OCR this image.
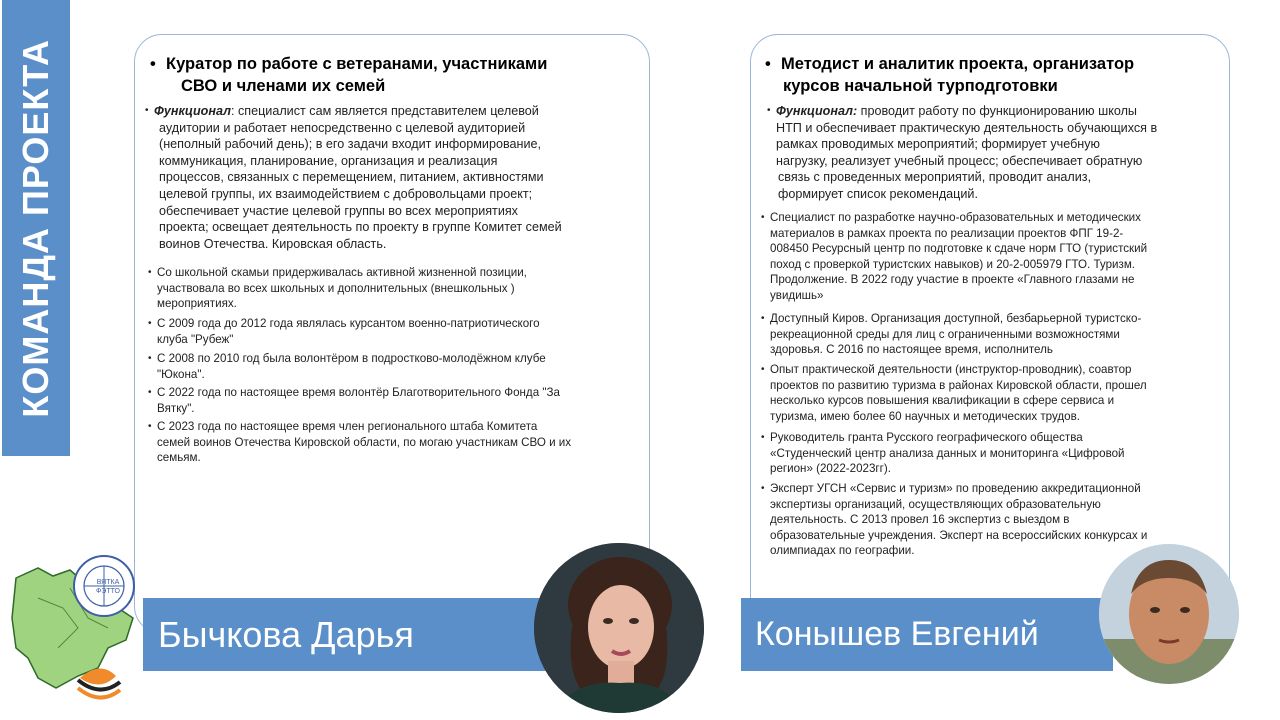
КОМАНДА ПРОЕКТА	• Куратор по работе с ветеранами, участниками
СВО и членами их семей
• Функционал: специалист сам является представителем целевой
аудитории и работает непосредственно с целевой аудиторией
(неполный рабочий день); в его задачи входит информирование,
коммуникация, планирование, организация и реализация
процессов, связанных с перемещением, питанием, активностями
целевой группы, их взаимодействием с добровольцами проект;
обеспечивает участие целевой группы во всех мероприятиях
проекта; освещает деятельность по проекту в группе Комитет семей
воинов Отечества. Кировская область.
• Со школьной скамьи придерживалась активной жизненной позиции,
участвовала во всех школьных и дополнительных (внешкольных )
мероприятиях.
• С 2009 года до 2012 года являлась курсантом военно-патриотического
клуба "Рубеж"
• С 2008 по 2010 год была волонтёром в подростково-молодёжном клубе
"Юкона".
• С 2022 года по настоящее время волонтёр Благотворительного Фонда "За
Вятку".
• С 2023 года по настоящее время член регионального штаба Комитета
семей воинов Отечества Кировской области, по могаю участникам СВО и их
семьям.
• Методист и аналитик проекта, организатор
курсов начальной турподготовки
• Функционал: проводит работу по функционированию школы
НТП и обеспечивает практическую деятельность обучающихся в
рамках проводимых мероприятий; формирует учебную
нагрузку, реализует учебный процесс; обеспечивает обратную
связь с проведенных мероприятий, проводит анализ,
формирует список рекомендаций.
• Специалист по разработке научно-образовательных и методических
материалов в рамках проекта по реализации проектов ФПГ 19-2-
008450 Ресурсный центр по подготовке к сдаче норм ГТО (туристский
поход с проверкой туристских навыков) и 20-2-005979 ГТО. Туризм.
Продолжение. В 2022 году участие в проекте «Главного глазами не
увидишь»
• Доступный Киров. Организация доступной, безбарьерной туристско-
рекреационной среды для лиц с ограниченными возможностями
здоровья. С 2016 по настоящее время, исполнитель
• Опыт практической деятельности (инструктор-проводник), соавтор
проектов по развитию туризма в районах Кировской области, прошел
несколько курсов повышения квалификации в сфере сервиса и
туризма, имею более 60 научных и методических трудов.
• Руководитель гранта Русского географического общества
«Студенческий центр анализа данных и мониторинга «Цифровой
регион» (2022-2023гг).
• Эксперт УГСН «Сервис и туризм» по проведению аккредитационной
экспертизы организаций, осуществляющих образовательную
деятельность. С 2013 провел 16 экспертиз с выездом в
образовательные учреждения. Эксперт на всероссийских конкурсах и
олимпиадах по географии.
Бычкова Дарья	Конышев Евгений
ВЯТКА ФЭТТО
